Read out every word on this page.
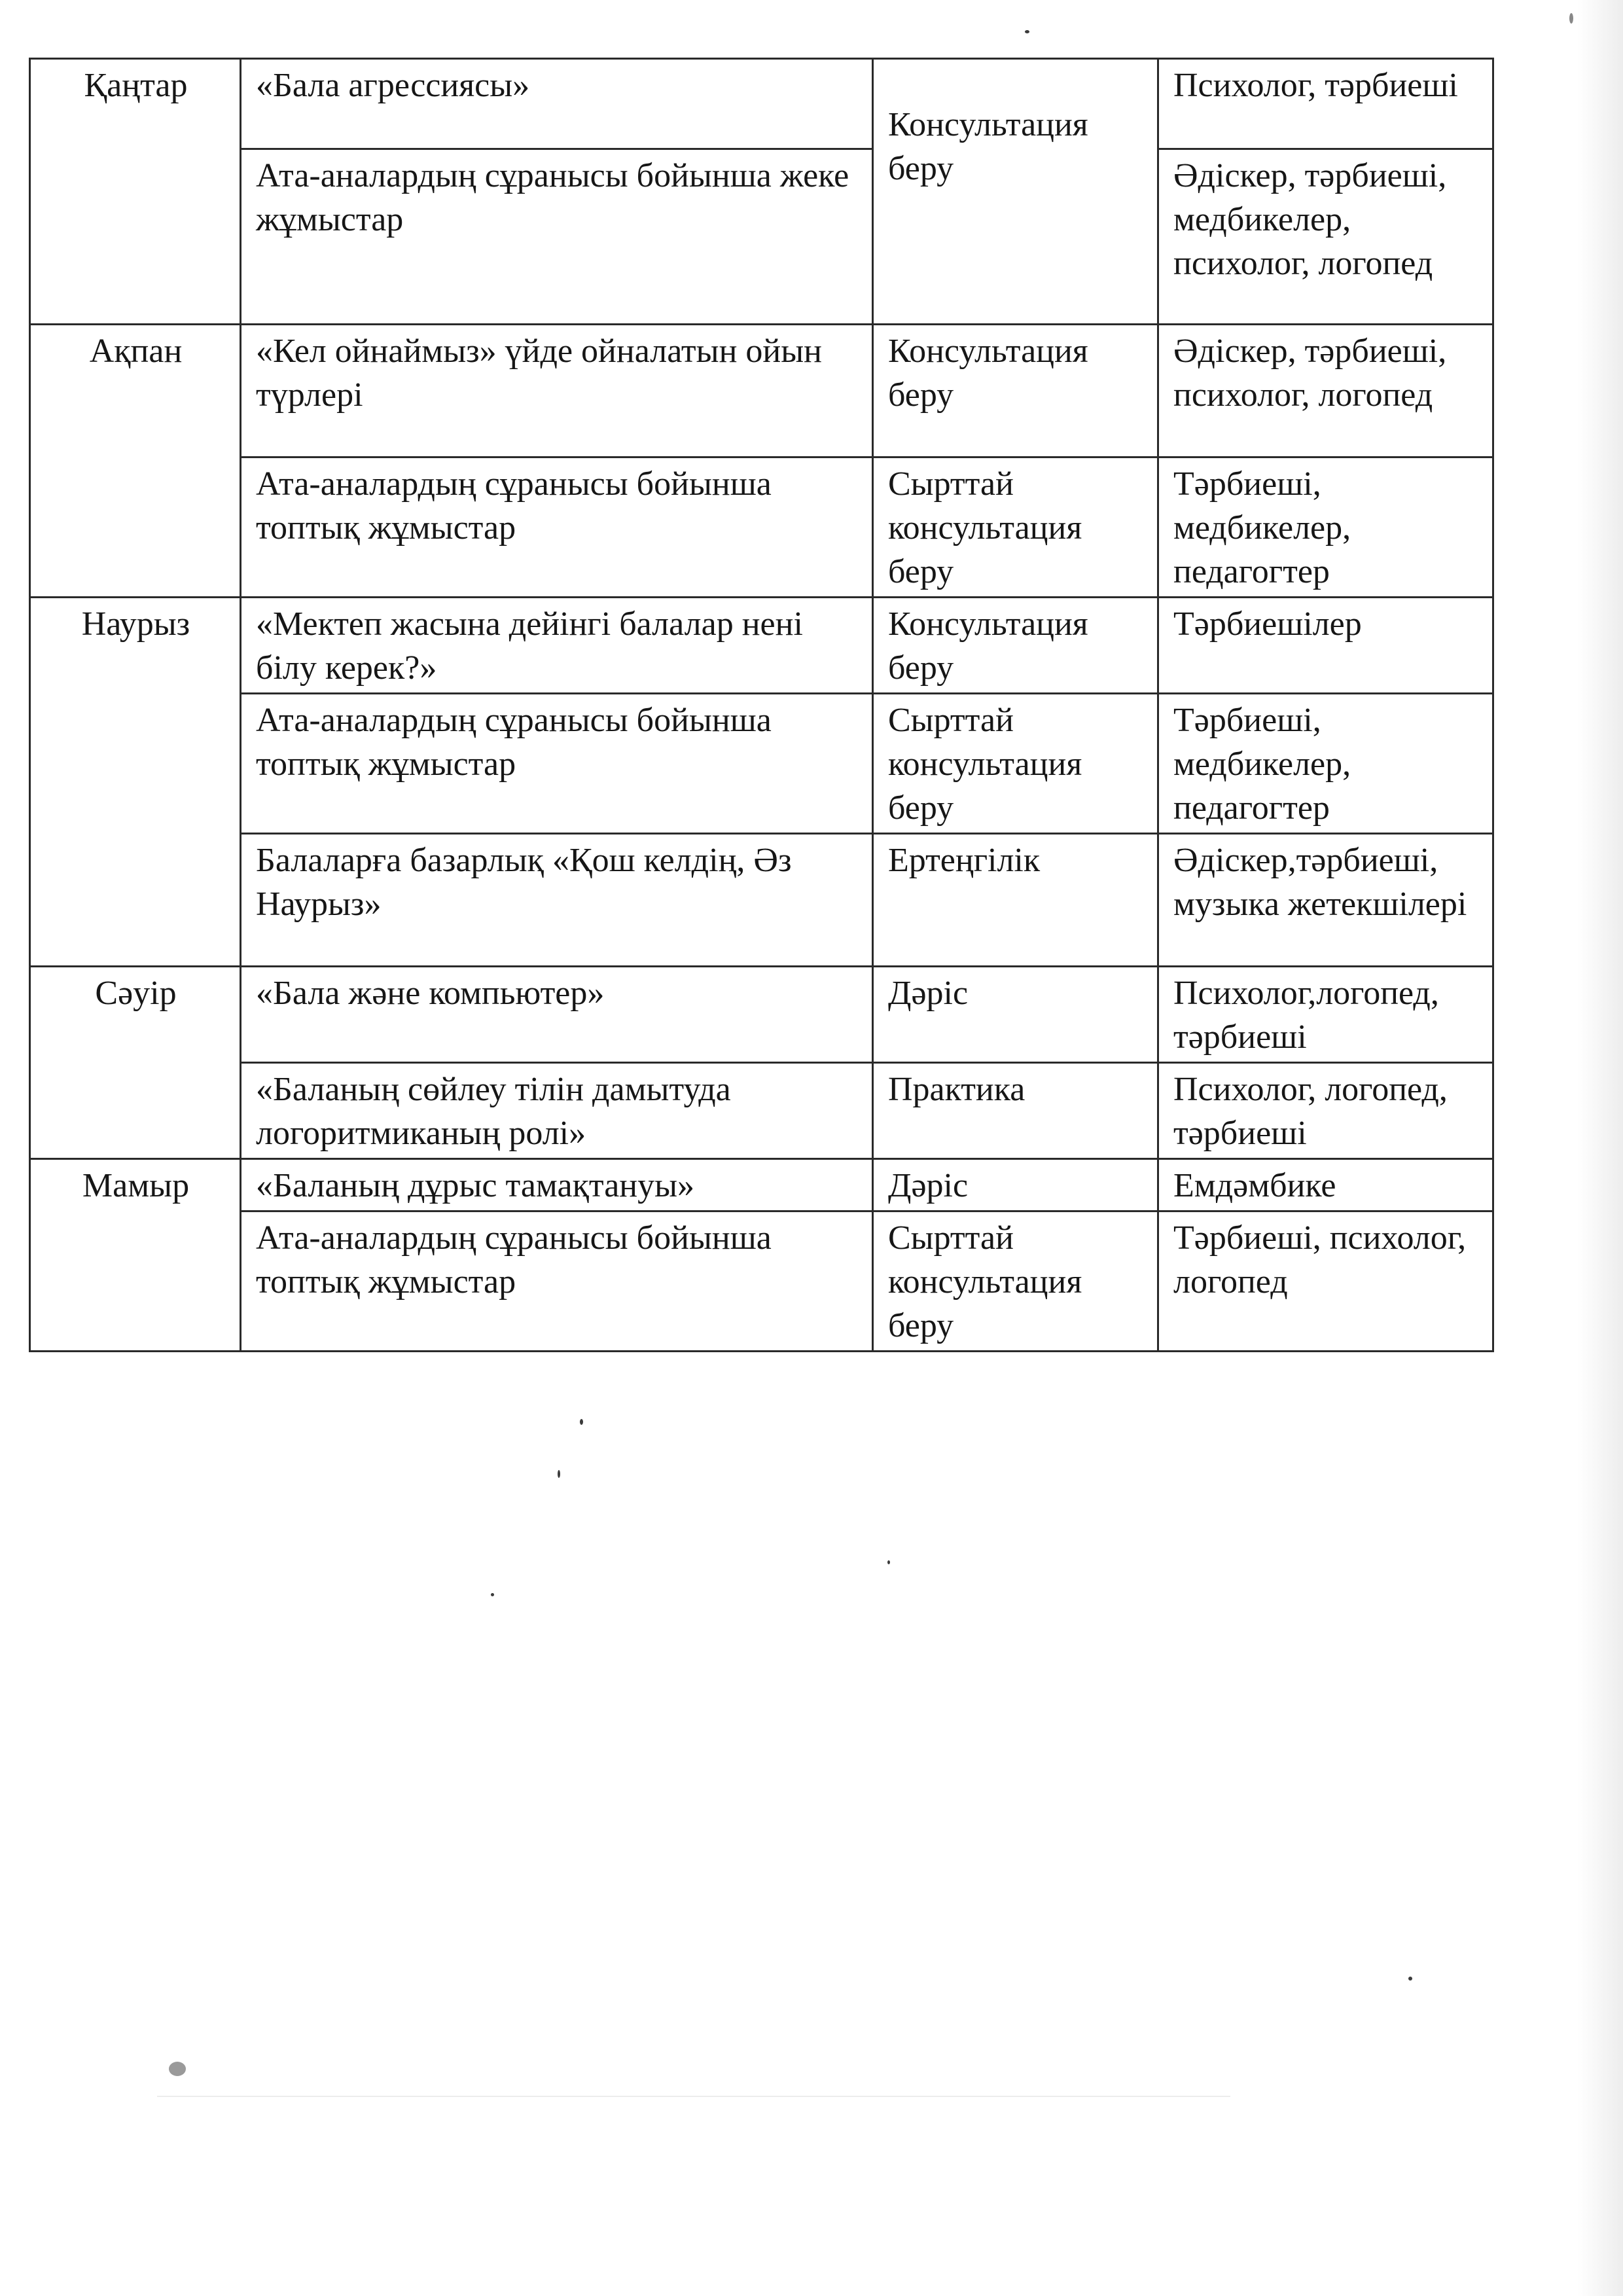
Қаңтар	«Бала агрессиясы»	Консультация беру	Психолог, тәрбиеші
	Ата-аналардың сұранысы бойынша жеке жұмыстар		Әдіскер, тәрбиеші, медбикелер, психолог, логопед
Ақпан	«Кел ойнаймыз» үйде ойналатын ойын түрлері	Консультация беру	Әдіскер, тәрбиеші, психолог, логопед
	Ата-аналардың сұранысы бойынша топтық жұмыстар	Сырттай консультация беру	Тәрбиеші, медбикелер, педагогтер
Наурыз	«Мектеп жасына дейінгі балалар нені білу керек?»	Консультация беру	Тәрбиешілер
	Ата-аналардың сұранысы бойынша топтық жұмыстар	Сырттай консультация беру	Тәрбиеші, медбикелер, педагогтер
	Балаларға базарлық «Қош келдің, Әз Наурыз»	Ертеңгілік	Әдіскер,тәрбиеші, музыка жетекшілері
Сәуір	«Бала және компьютер»	Дәріс	Психолог,логопед, тәрбиеші
	«Баланың сөйлеу тілін дамытуда логоритмиканың ролі»	Практика	Психолог, логопед, тәрбиеші
Мамыр	«Баланың дұрыс тамақтануы»	Дәріс	Емдәмбике
	Ата-аналардың сұранысы бойынша топтық жұмыстар	Сырттай консультация беру	Тәрбиеші, психолог, логопед
